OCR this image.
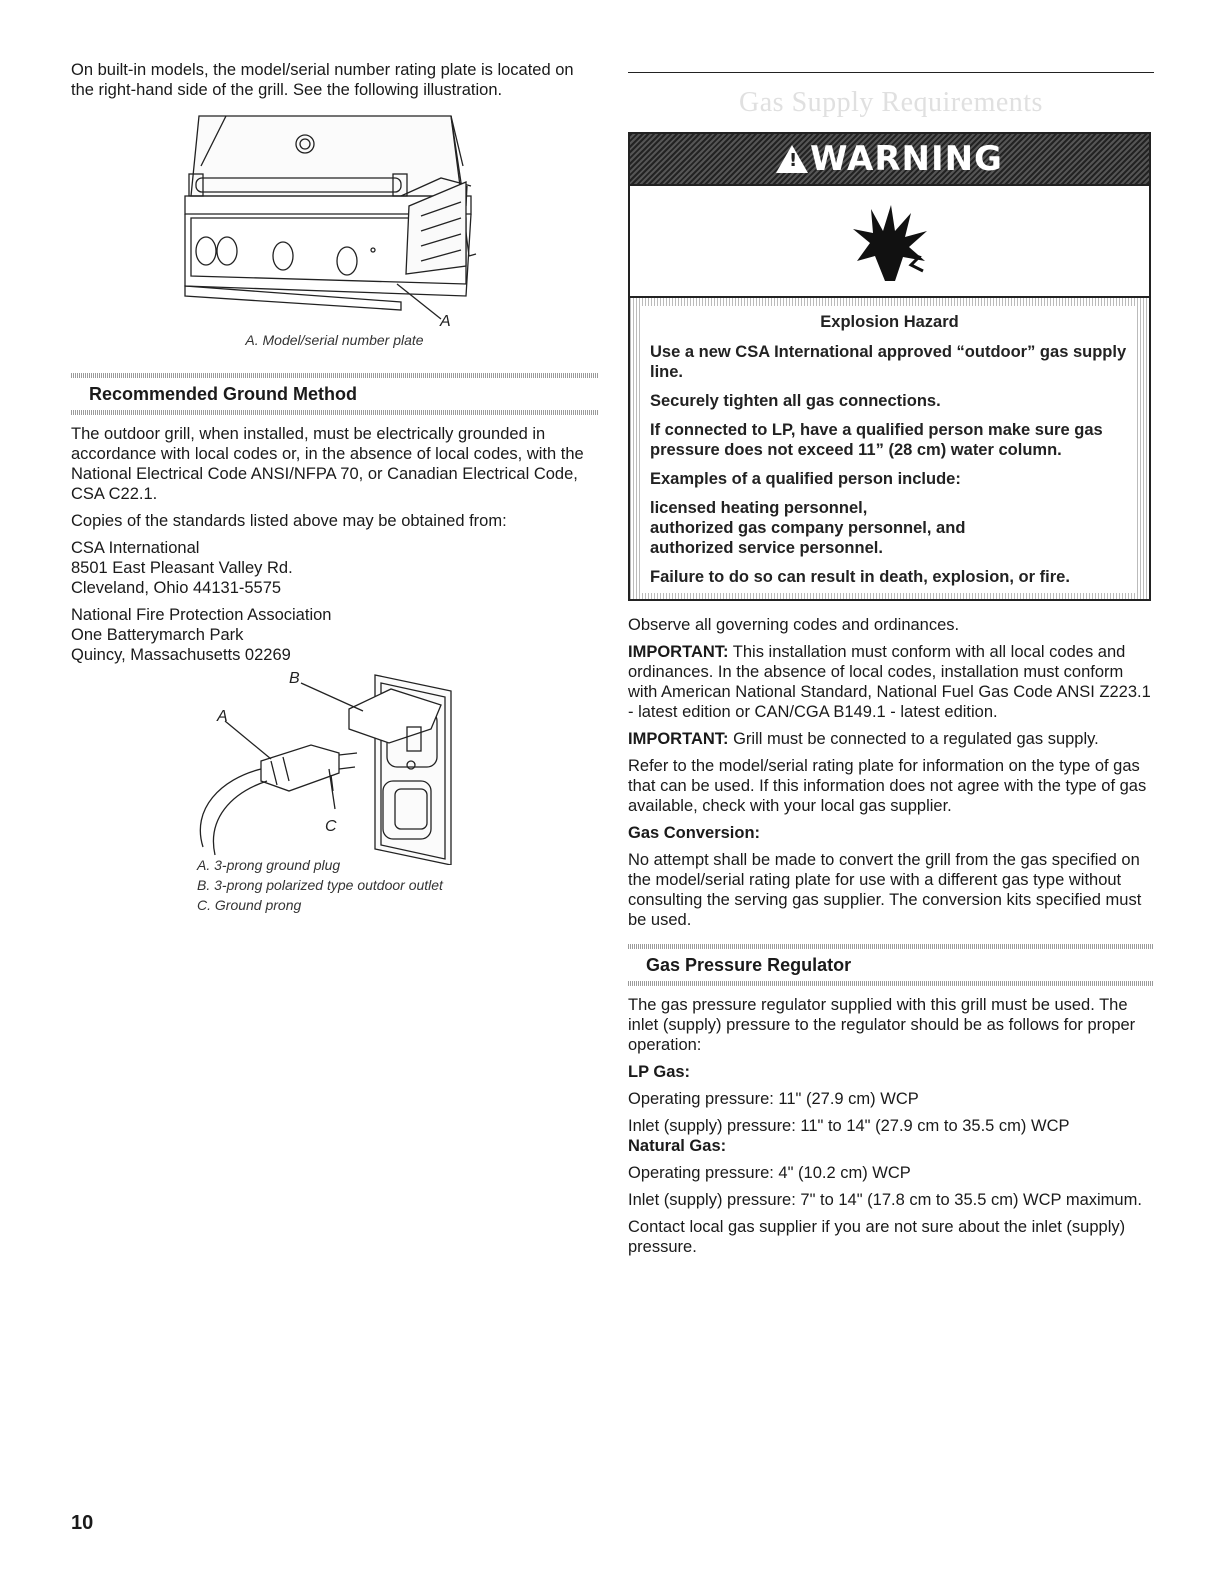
On built-in models, the model/serial number rating plate is located on the right-hand side of the grill. See the following illustration.

A

A. Model/serial number plate

Recommended Ground Method

The outdoor grill, when installed, must be electrically grounded in accordance with local codes or, in the absence of local codes, with the National Electrical Code ANSI/NFPA 70, or Canadian Electrical Code, CSA C22.1.

Copies of the standards listed above may be obtained from:

CSA International

8501 East Pleasant Valley Rd.

Cleveland, Ohio 44131-5575

National Fire Protection Association

One Batterymarch Park

Quincy, Massachusetts 02269

B
A
C

A. 3-prong ground plug

B. 3-prong polarized type outdoor outlet

C. Ground prong

Gas Supply Requirements
! WARNING

Explosion Hazard

Use a new CSA International approved “outdoor” gas supply line.

Securely tighten all gas connections.

If connected to LP, have a qualified person make sure gas pressure does not exceed 11” (28 cm) water column.

Examples of a qualified person include:

licensed heating personnel,

authorized gas company personnel, and

authorized service personnel.

Failure to do so can result in death, explosion, or fire.

Observe all governing codes and ordinances.

IMPORTANT: This installation must conform with all local codes and ordinances. In the absence of local codes, installation must conform with American National Standard, National Fuel Gas Code ANSI Z223.1 - latest edition or CAN/CGA B149.1 - latest edition.

IMPORTANT: Grill must be connected to a regulated gas supply.

Refer to the model/serial rating plate for information on the type of gas that can be used. If this information does not agree with the type of gas available, check with your local gas supplier.

Gas Conversion:

No attempt shall be made to convert the grill from the gas specified on the model/serial rating plate for use with a different gas type without consulting the serving gas supplier. The conversion kits specified must be used.

Gas Pressure Regulator

The gas pressure regulator supplied with this grill must be used. The inlet (supply) pressure to the regulator should be as follows for proper operation:

LP Gas:

Operating pressure: 11" (27.9 cm) WCP

Inlet (supply) pressure: 11" to 14" (27.9 cm to 35.5 cm) WCP

Natural Gas:

Operating pressure: 4" (10.2 cm) WCP

Inlet (supply) pressure: 7" to 14" (17.8 cm to 35.5 cm) WCP maximum.

Contact local gas supplier if you are not sure about the inlet (supply) pressure.

10
